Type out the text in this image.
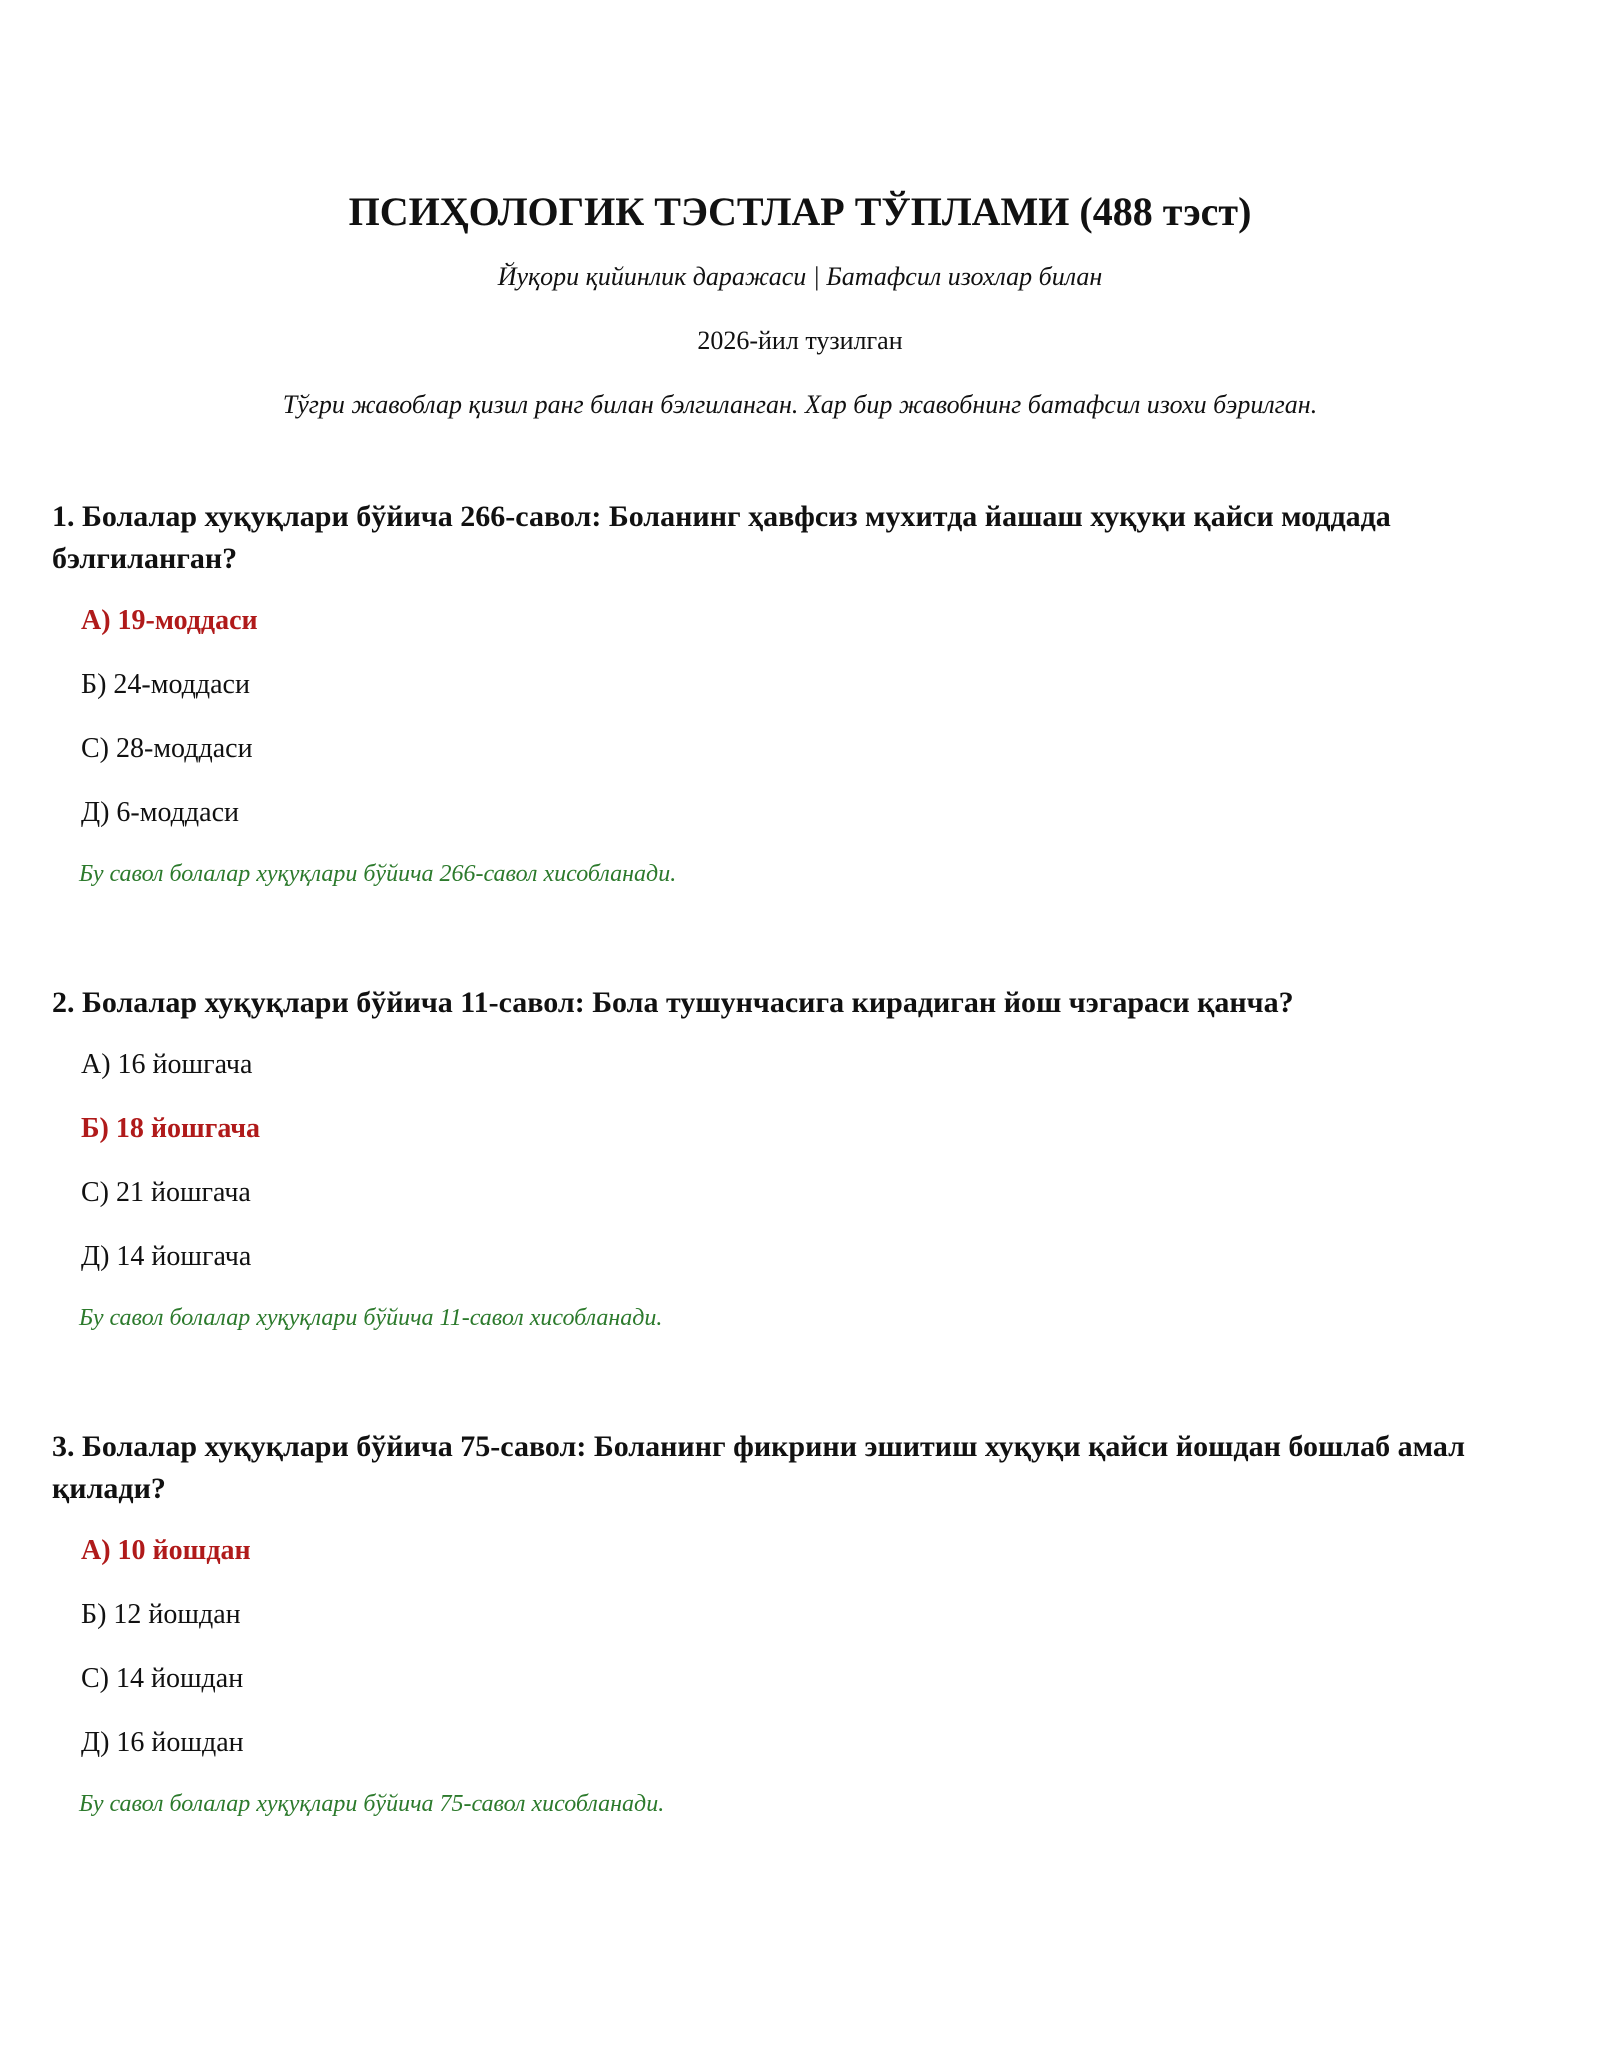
ПСИҲОЛОГИК ТЭСТЛАР ТЎПЛАМИ (488 тэст)

Йуқори қийинлик даражаси | Батафсил изохлар билан

2026-йил тузилган

Тўгри жавоблар қизил ранг билан бэлгиланган. Хар бир жавобнинг батафсил изохи бэрилган.

1. Болалар хуқуқлари бўйича 266-савол: Боланинг ҳавфсиз мухитда йашаш хуқуқи қайси моддада бэлгиланган?

А) 19-моддаси
Б) 24-моддаси
С) 28-моддаси
Д) 6-моддаси

Бу савол болалар хуқуқлари бўйича 266-савол хисобланади.

2. Болалар хуқуқлари бўйича 11-савол: Бола тушунчасига кирадиган йош чэгараси қанча?

А) 16 йошгача
Б) 18 йошгача
С) 21 йошгача
Д) 14 йошгача

Бу савол болалар хуқуқлари бўйича 11-савол хисобланади.

3. Болалар хуқуқлари бўйича 75-савол: Боланинг фикрини эшитиш хуқуқи қайси йошдан бошлаб амал қилади?

А) 10 йошдан
Б) 12 йошдан
С) 14 йошдан
Д) 16 йошдан

Бу савол болалар хуқуқлари бўйича 75-савол хисобланади.
